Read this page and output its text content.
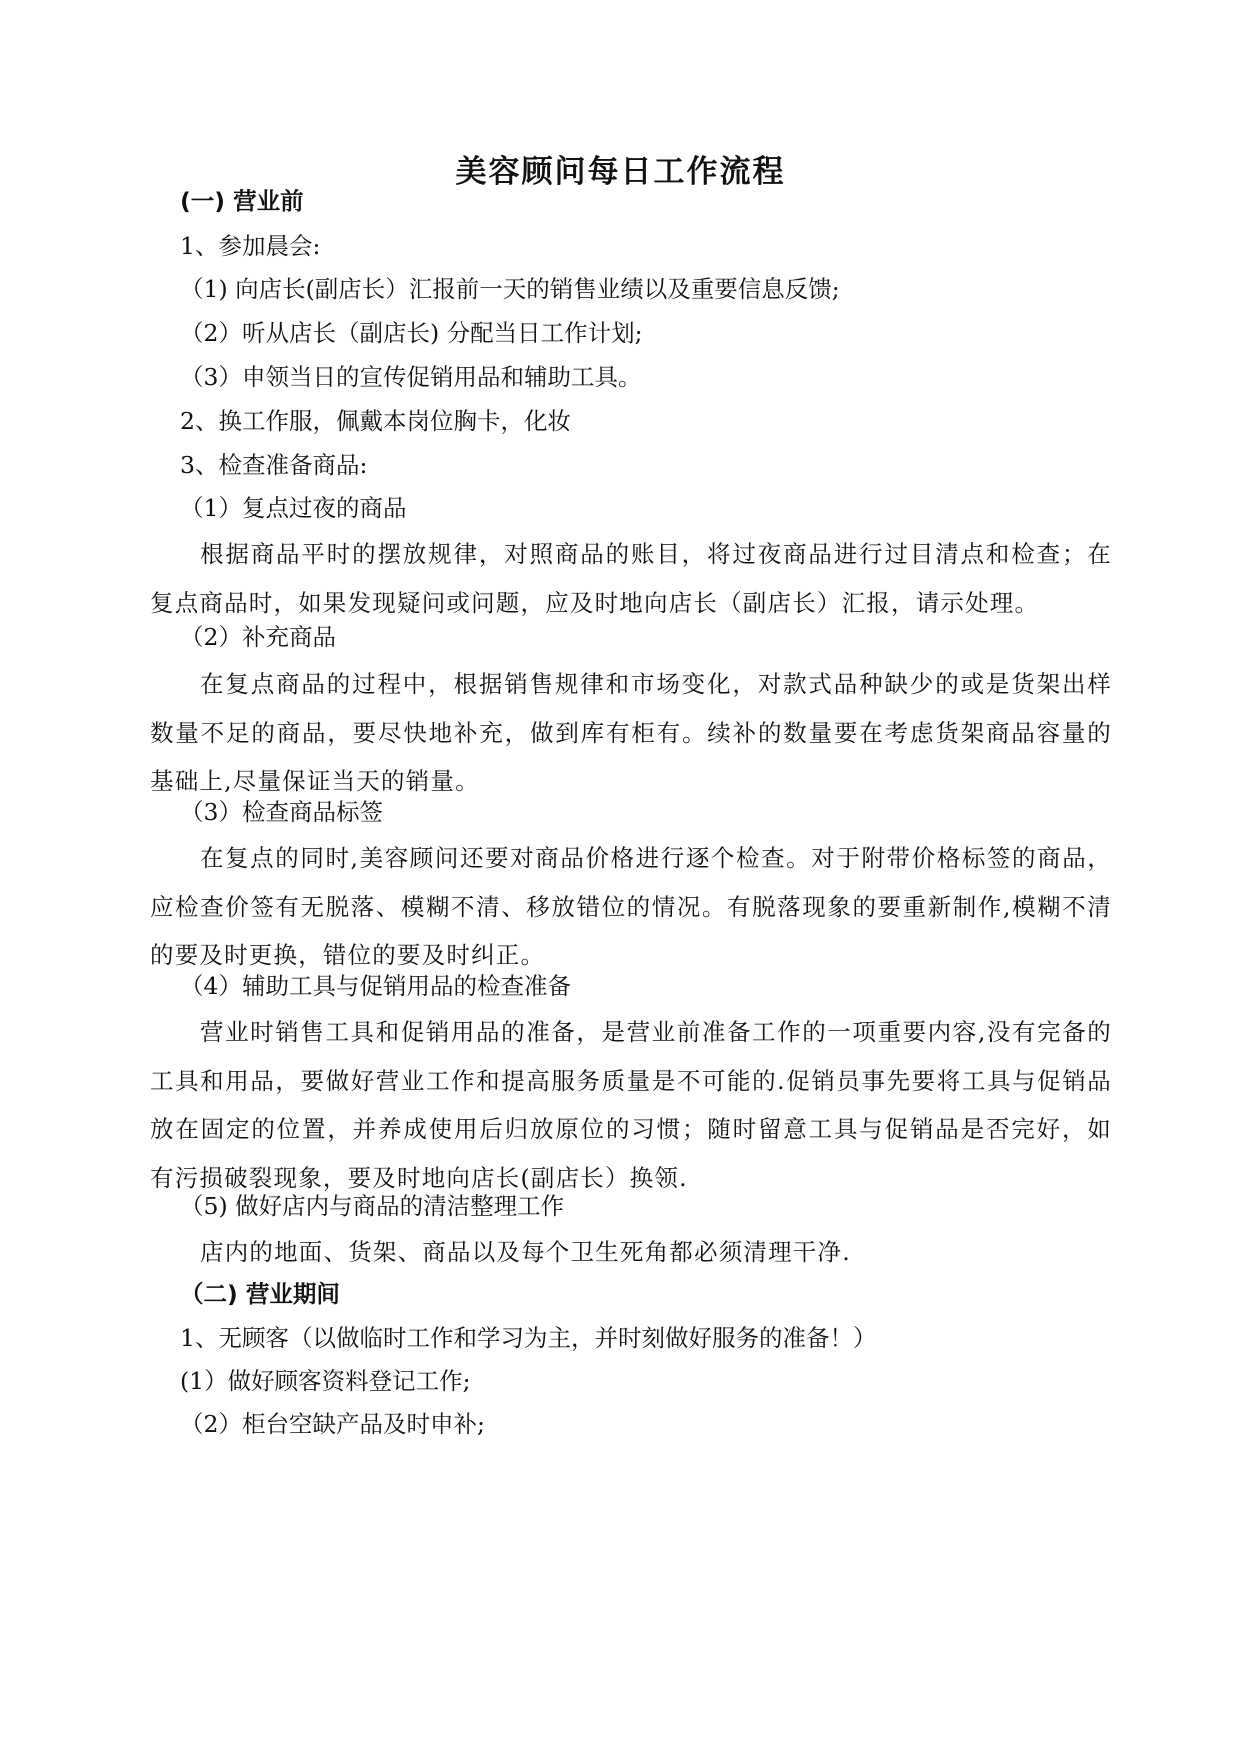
美容顾问每日工作流程
(一) 营业前
1、参加晨会:
（1) 向店长(副店长）汇报前一天的销售业绩以及重要信息反馈;
（2）听从店长（副店长) 分配当日工作计划;
（3）申领当日的宣传促销用品和辅助工具。
2、换工作服，佩戴本岗位胸卡，化妆
3、检查准备商品:
（1）复点过夜的商品
根据商品平时的摆放规律，对照商品的账目，将过夜商品进行过目清点和检查；在复点商品时，如果发现疑问或问题，应及时地向店长（副店长）汇报，请示处理。
（2）补充商品
在复点商品的过程中，根据销售规律和市场变化，对款式品种缺少的或是货架出样数量不足的商品，要尽快地补充，做到库有柜有。续补的数量要在考虑货架商品容量的基础上,尽量保证当天的销量。
（3）检查商品标签
在复点的同时,美容顾问还要对商品价格进行逐个检查。对于附带价格标签的商品，应检查价签有无脱落、模糊不清、移放错位的情况。有脱落现象的要重新制作,模糊不清的要及时更换，错位的要及时纠正。
（4）辅助工具与促销用品的检查准备
营业时销售工具和促销用品的准备，是营业前准备工作的一项重要内容,没有完备的工具和用品，要做好营业工作和提高服务质量是不可能的.促销员事先要将工具与促销品放在固定的位置，并养成使用后归放原位的习惯；随时留意工具与促销品是否完好，如有污损破裂现象，要及时地向店长(副店长）换领.
（5) 做好店内与商品的清洁整理工作
店内的地面、货架、商品以及每个卫生死角都必须清理干净.
（二) 营业期间
1、无顾客（以做临时工作和学习为主，并时刻做好服务的准备！）
(1）做好顾客资料登记工作;
（2）柜台空缺产品及时申补;
